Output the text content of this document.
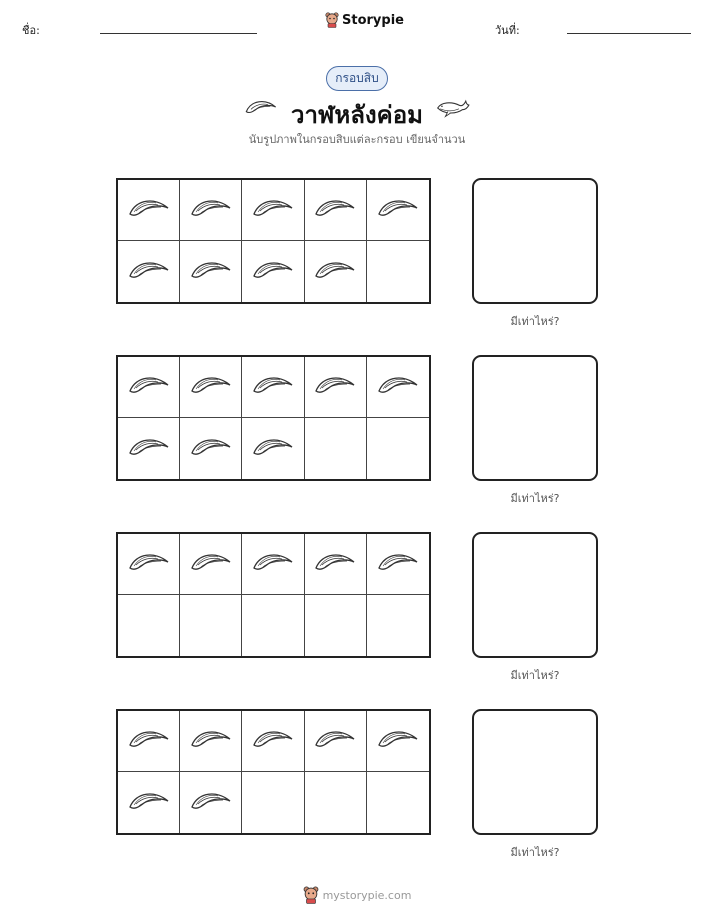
ชื่อ:
Storypie
วันที่:
กรอบสิบ
วาฬหลังค่อม
นับรูปภาพในกรอบสิบแต่ละกรอบ เขียนจำนวน
มีเท่าไหร่?
มีเท่าไหร่?
มีเท่าไหร่?
มีเท่าไหร่?
mystorypie.com
